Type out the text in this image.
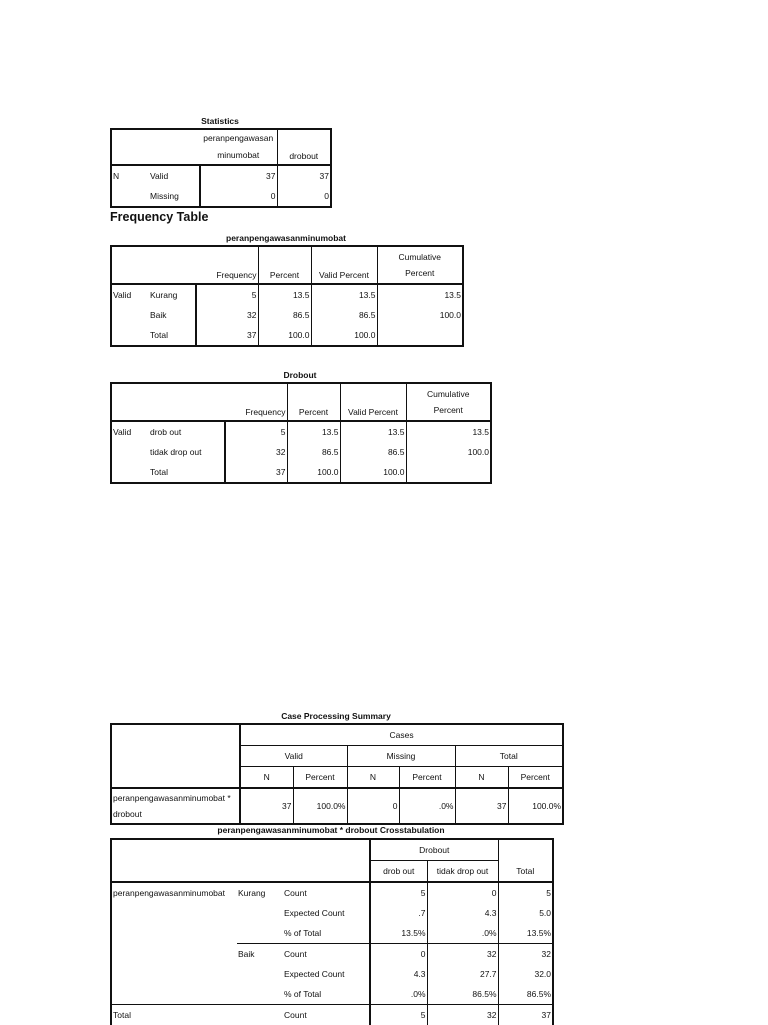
Statistics
		peranpengawasan
minumobat	drobout
N	Valid	37	37
	Missing	0	0
Frequency Table
peranpengawasanminumobat
		Frequency	Percent	Valid Percent	Cumulative
Percent
Valid	Kurang	5	13.5	13.5	13.5
	Baik	32	86.5	86.5	100.0
	Total	37	100.0	100.0	
Drobout
		Frequency	Percent	Valid Percent	Cumulative
Percent
Valid	drob out	5	13.5	13.5	13.5
	tidak drop out	32	86.5	86.5	100.0
	Total	37	100.0	100.0	
Case Processing Summary
	Cases					
	Valid		Missing		Total	
	N	Percent	N	Percent	N	Percent
peranpengawasanminumobat *
drobout	37	100.0%	0	.0%	37	100.0%
peranpengawasanminumobat * drobout Crosstabulation
			Drobout		
			drob out	tidak drop out	Total
peranpengawasanminumobat	Kurang	Count	5	0	5
		Expected Count	.7	4.3	5.0
		% of Total	13.5%	.0%	13.5%
	Baik	Count	0	32	32
		Expected Count	4.3	27.7	32.0
		% of Total	.0%	86.5%	86.5%
Total		Count	5	32	37
